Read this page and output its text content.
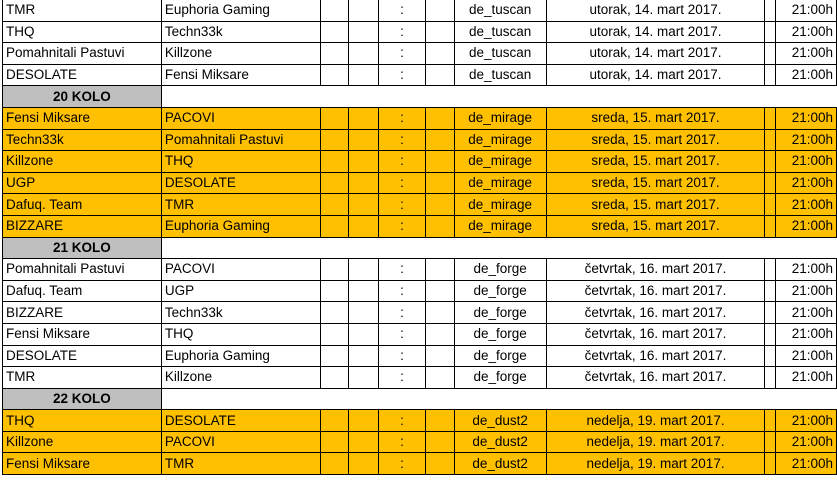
TMR	Euphoria Gaming			:		de_tuscan	utorak, 14. mart 2017.		21:00h
THQ	Techn33k			:		de_tuscan	utorak, 14. mart 2017.		21:00h
Pomahnitali Pastuvi	Killzone			:		de_tuscan	utorak, 14. mart 2017.		21:00h
DESOLATE	Fensi Miksare			:		de_tuscan	utorak, 14. mart 2017.		21:00h
20 KOLO									
Fensi Miksare	PACOVI			:		de_mirage	sreda, 15. mart 2017.		21:00h
Techn33k	Pomahnitali Pastuvi			:		de_mirage	sreda, 15. mart 2017.		21:00h
Killzone	THQ			:		de_mirage	sreda, 15. mart 2017.		21:00h
UGP	DESOLATE			:		de_mirage	sreda, 15. mart 2017.		21:00h
Dafuq. Team	TMR			:		de_mirage	sreda, 15. mart 2017.		21:00h
BIZZARE	Euphoria Gaming			:		de_mirage	sreda, 15. mart 2017.		21:00h
21 KOLO									
Pomahnitali Pastuvi	PACOVI			:		de_forge	četvrtak, 16. mart 2017.		21:00h
Dafuq. Team	UGP			:		de_forge	četvrtak, 16. mart 2017.		21:00h
BIZZARE	Techn33k			:		de_forge	četvrtak, 16. mart 2017.		21:00h
Fensi Miksare	THQ			:		de_forge	četvrtak, 16. mart 2017.		21:00h
DESOLATE	Euphoria Gaming			:		de_forge	četvrtak, 16. mart 2017.		21:00h
TMR	Killzone			:		de_forge	četvrtak, 16. mart 2017.		21:00h
22 KOLO									
THQ	DESOLATE			:		de_dust2	nedelja, 19. mart 2017.		21:00h
Killzone	PACOVI			:		de_dust2	nedelja, 19. mart 2017.		21:00h
Fensi Miksare	TMR			:		de_dust2	nedelja, 19. mart 2017.		21:00h
